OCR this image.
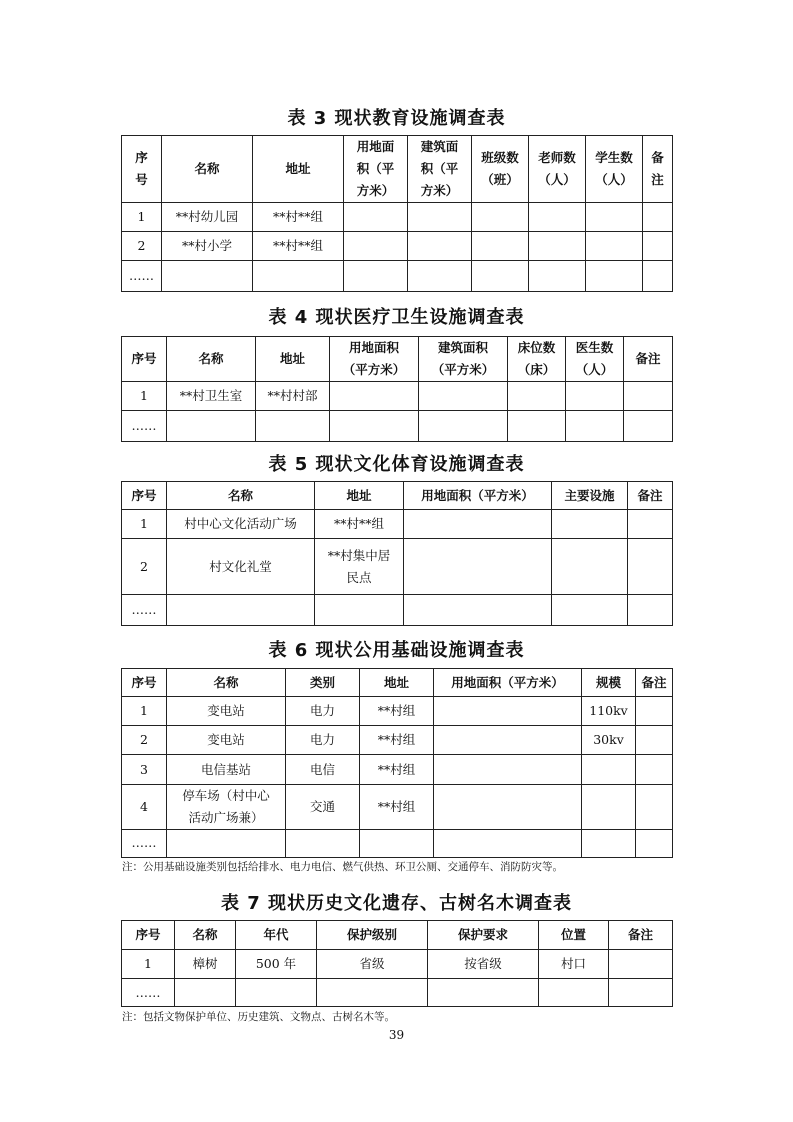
表 3 现状教育设施调查表
序
号	名称	地址	用地面
积（平
方米）	建筑面
积（平
方米）	班级数
（班）	老师数
（人）	学生数
（人）	备
注
1	**村幼儿园	**村**组						
2	**村小学	**村**组						
……								
表 4 现状医疗卫生设施调查表
序号	名称	地址	用地面积
（平方米）	建筑面积
（平方米）	床位数
（床）	医生数
（人）	备注
1	**村卫生室	**村村部					
……							
表 5 现状文化体育设施调查表
序号	名称	地址	用地面积（平方米）	主要设施	备注
1	村中心文化活动广场	**村**组			
2	村文化礼堂	**村集中居
民点			
……					
表 6 现状公用基础设施调查表
序号	名称	类别	地址	用地面积（平方米）	规模	备注
1	变电站	电力	**村组		110kv	
2	变电站	电力	**村组		30kv	
3	电信基站	电信	**村组			
4	停车场（村中心
活动广场兼）	交通	**村组			
……						
注：公用基础设施类别包括给排水、电力电信、燃气供热、环卫公厕、交通停车、消防防灾等。
表 7 现状历史文化遗存、古树名木调查表
序号	名称	年代	保护级别	保护要求	位置	备注
1	樟树	500 年	省级	按省级	村口	
……						
注：包括文物保护单位、历史建筑、文物点、古树名木等。
39
